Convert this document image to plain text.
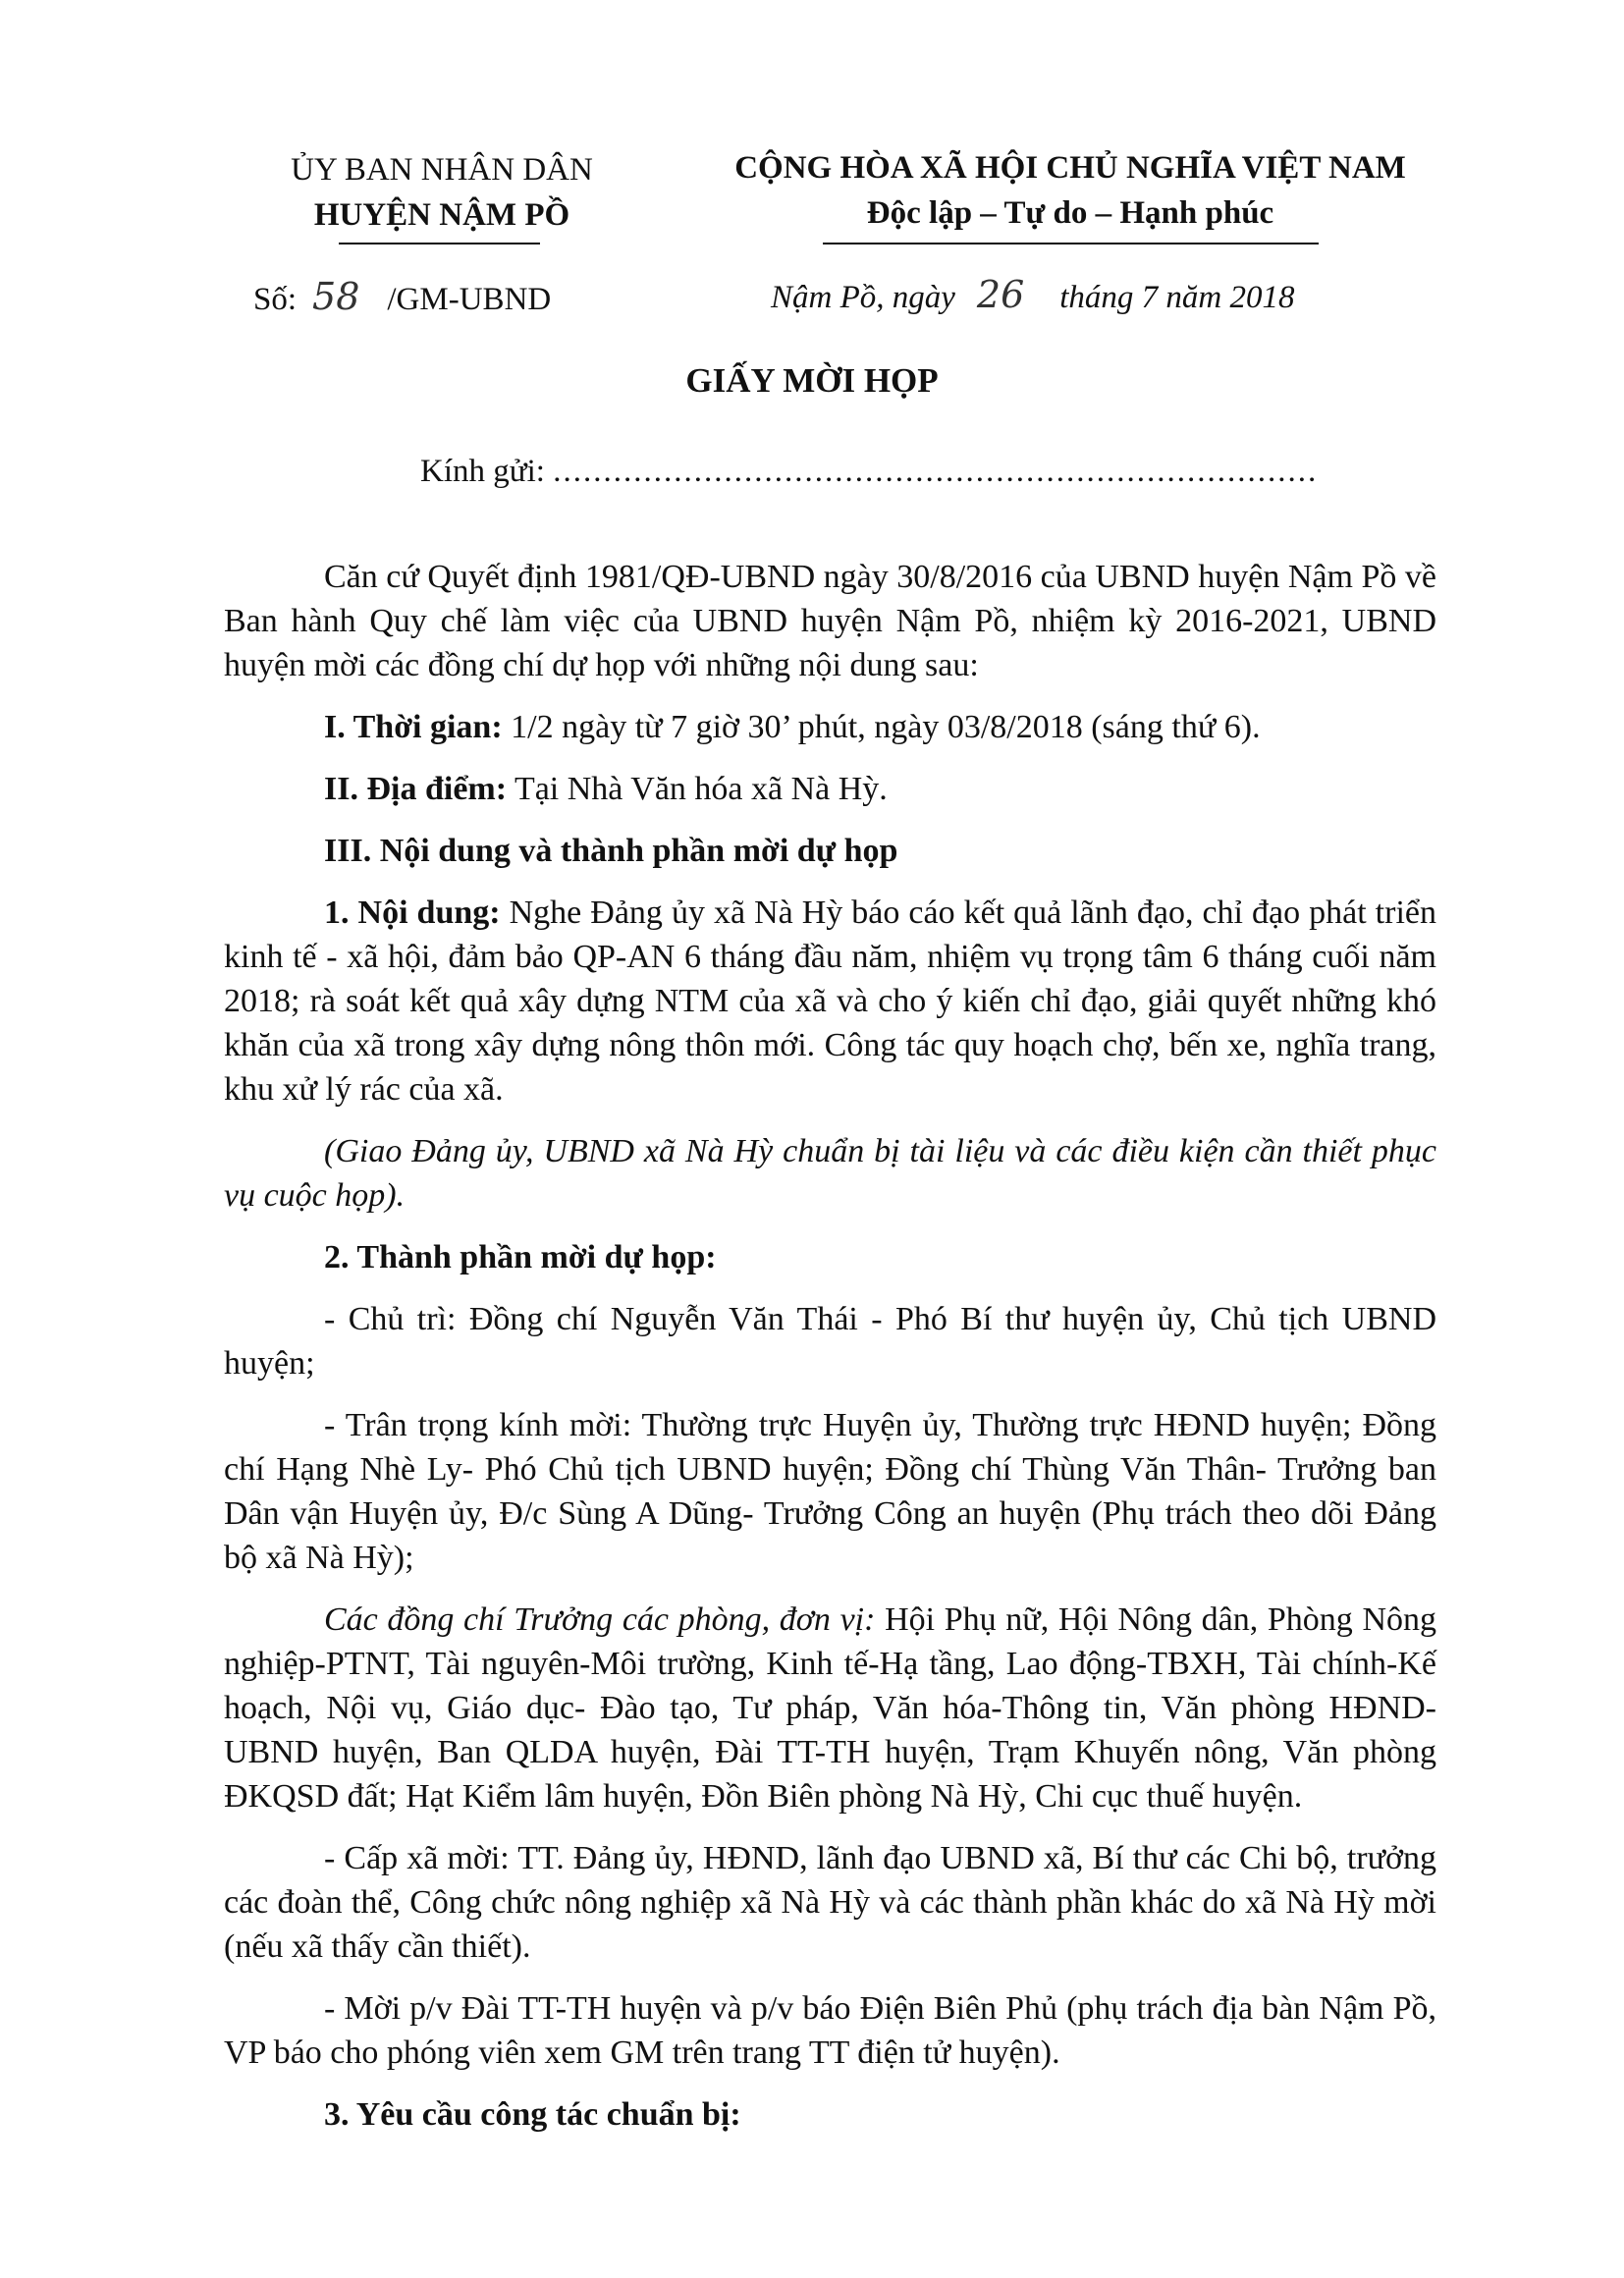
ỦY BAN NHÂN DÂN
HUYỆN NẬM PỒ
CỘNG HÒA XÃ HỘI CHỦ NGHĨA VIỆT NAM
Độc lập – Tự do – Hạnh phúc
Số: 58 /GM-UBND	Nậm Pồ, ngày 26 tháng 7 năm 2018
GIẤY MỜI HỌP
Kính gửi: ............................................................................

Căn cứ Quyết định 1981/QĐ-UBND ngày 30/8/2016 của UBND huyện Nậm Pồ về Ban hành Quy chế làm việc của UBND huyện Nậm Pồ, nhiệm kỳ 2016-2021, UBND huyện mời các đồng chí dự họp với những nội dung sau:

I. Thời gian: 1/2 ngày từ 7 giờ 30’ phút, ngày 03/8/2018 (sáng thứ 6).

II. Địa điểm: Tại Nhà Văn hóa xã Nà Hỳ.

III. Nội dung và thành phần mời dự họp

1. Nội dung: Nghe Đảng ủy xã Nà Hỳ báo cáo kết quả lãnh đạo, chỉ đạo phát triển kinh tế - xã hội, đảm bảo QP-AN 6 tháng đầu năm, nhiệm vụ trọng tâm 6 tháng cuối năm 2018; rà soát kết quả xây dựng NTM của xã và cho ý kiến chỉ đạo, giải quyết những khó khăn của xã trong xây dựng nông thôn mới. Công tác quy hoạch chợ, bến xe, nghĩa trang, khu xử lý rác của xã.

(Giao Đảng ủy, UBND xã Nà Hỳ chuẩn bị tài liệu và các điều kiện cần thiết phục vụ cuộc họp).

2. Thành phần mời dự họp:

- Chủ trì: Đồng chí Nguyễn Văn Thái - Phó Bí thư huyện ủy, Chủ tịch UBND huyện;

- Trân trọng kính mời: Thường trực Huyện ủy, Thường trực HĐND huyện; Đồng chí Hạng Nhè Ly- Phó Chủ tịch UBND huyện; Đồng chí Thùng Văn Thân- Trưởng ban Dân vận Huyện ủy, Đ/c Sùng A Dũng- Trưởng Công an huyện (Phụ trách theo dõi Đảng bộ xã Nà Hỳ);

Các đồng chí Trưởng các phòng, đơn vị: Hội Phụ nữ, Hội Nông dân, Phòng Nông nghiệp-PTNT, Tài nguyên-Môi trường, Kinh tế-Hạ tầng, Lao động-TBXH, Tài chính-Kế hoạch, Nội vụ, Giáo dục- Đào tạo, Tư pháp, Văn hóa-Thông tin, Văn phòng HĐND-UBND huyện, Ban QLDA huyện, Đài TT-TH huyện, Trạm Khuyến nông, Văn phòng ĐKQSD đất; Hạt Kiểm lâm huyện, Đồn Biên phòng Nà Hỳ, Chi cục thuế huyện.

- Cấp xã mời: TT. Đảng ủy, HĐND, lãnh đạo UBND xã, Bí thư các Chi bộ, trưởng các đoàn thể, Công chức nông nghiệp xã Nà Hỳ và các thành phần khác do xã Nà Hỳ mời (nếu xã thấy cần thiết).

- Mời p/v Đài TT-TH huyện và p/v báo Điện Biên Phủ (phụ trách địa bàn Nậm Pồ, VP báo cho phóng viên xem GM trên trang TT điện tử huyện).

3. Yêu cầu công tác chuẩn bị:
